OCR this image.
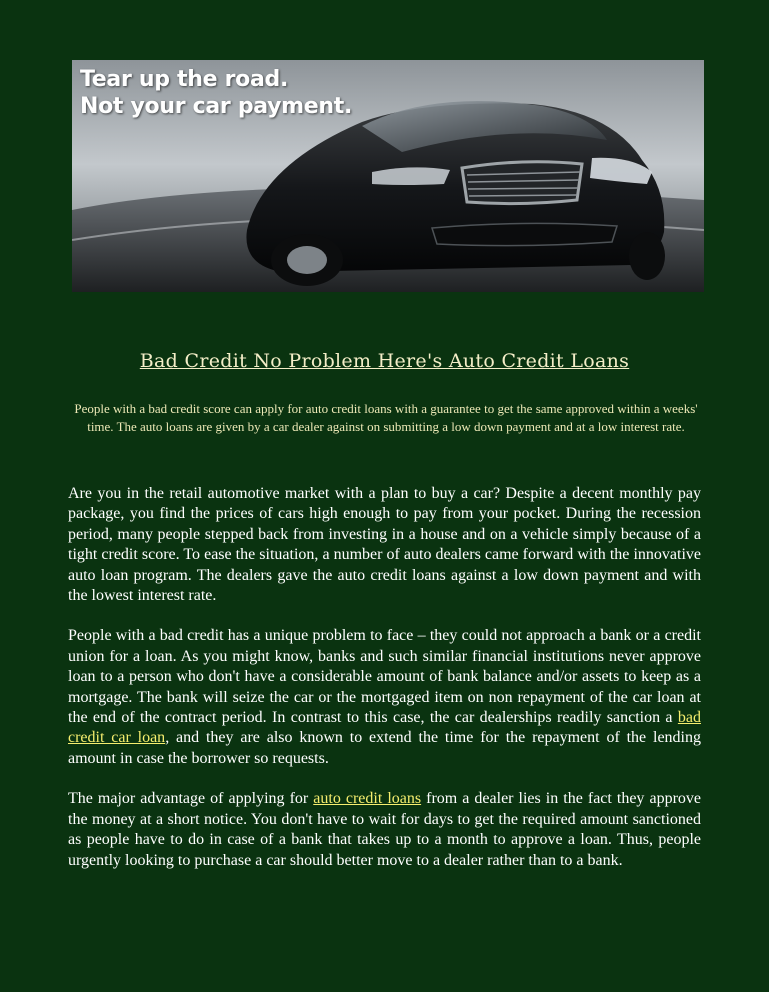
Tear up the road.
Not your car payment.
Bad Credit No Problem Here's Auto Credit Loans
People with a bad credit score can apply for auto credit loans with a guarantee to get the same approved within a weeks' time. The auto loans are given by a car dealer against on submitting a low down payment and at a low interest rate.

Are you in the retail automotive market with a plan to buy a car? Despite a decent monthly pay package, you find the prices of cars high enough to pay from your pocket. During the recession period, many people stepped back from investing in a house and on a vehicle simply because of a tight credit score. To ease the situation, a number of auto dealers came forward with the innovative auto loan program. The dealers gave the auto credit loans against a low down payment and with the lowest interest rate.

People with a bad credit has a unique problem to face – they could not approach a bank or a credit union for a loan. As you might know, banks and such similar financial institutions never approve loan to a person who don't have a considerable amount of bank balance and/or assets to keep as a mortgage. The bank will seize the car or the mortgaged item on non repayment of the car loan at the end of the contract period. In contrast to this case, the car dealerships readily sanction a bad credit car loan, and they are also known to extend the time for the repayment of the lending amount in case the borrower so requests.

The major advantage of applying for auto credit loans from a dealer lies in the fact they approve the money at a short notice. You don't have to wait for days to get the required amount sanctioned as people have to do in case of a bank that takes up to a month to approve a loan. Thus, people urgently looking to purchase a car should better move to a dealer rather than to a bank.
